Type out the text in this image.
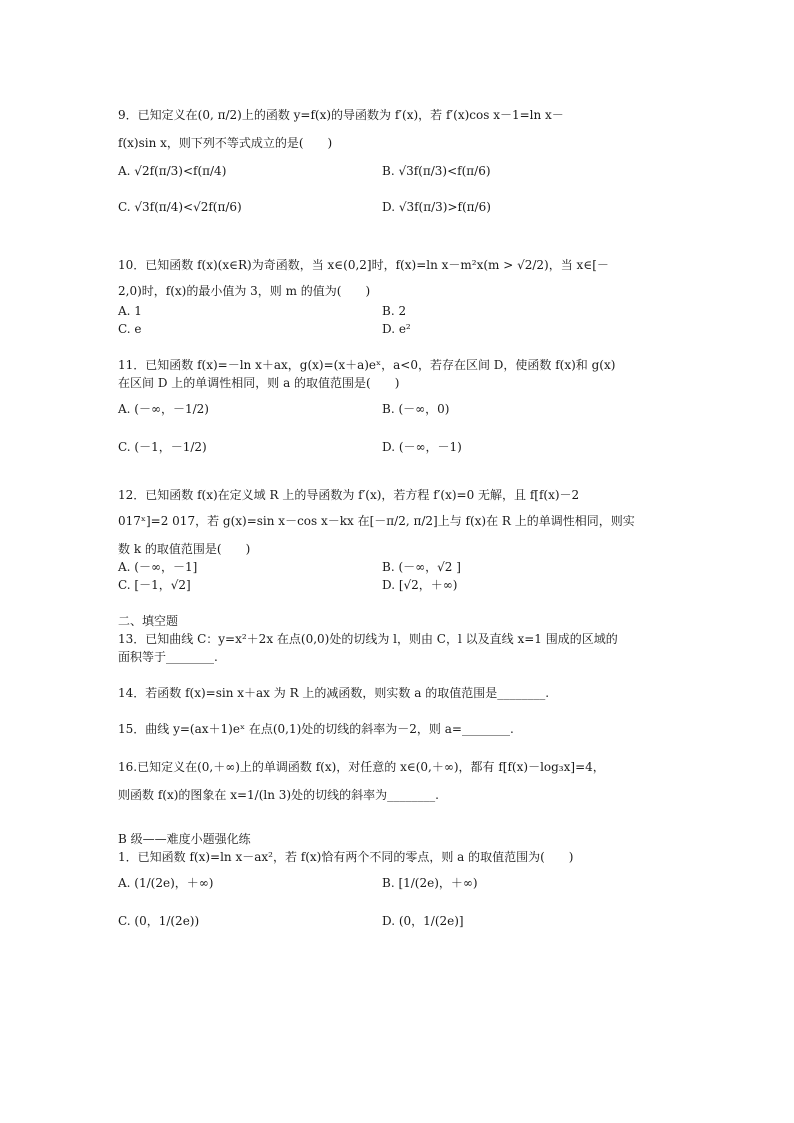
9．已知定义在(0, π/2)上的函数 y=f(x)的导函数为 f′(x)，若 f′(x)cos x－1=ln x－
f(x)sin x，则下列不等式成立的是(　　)
A. √2f(π/3)<f(π/4)	B. √3f(π/3)<f(π/6)
C. √3f(π/4)<√2f(π/6)	D. √3f(π/3)>f(π/6)
10．已知函数 f(x)(x∈R)为奇函数，当 x∈(0,2]时，f(x)=ln x－m²x(m > √2/2)，当 x∈[－
2,0)时，f(x)的最小值为 3，则 m 的值为(　　)
A. 1	B. 2
C. e	D. e²
11．已知函数 f(x)=－ln x＋ax，g(x)=(x＋a)eˣ，a<0，若存在区间 D，使函数 f(x)和 g(x)
在区间 D 上的单调性相同，则 a 的取值范围是(　　)
A. (－∞，－1/2)	B. (－∞，0)
C. (－1，－1/2)	D. (－∞，－1)
12．已知函数 f(x)在定义域 R 上的导函数为 f′(x)，若方程 f′(x)=0 无解，且 f[f(x)－2
017ˣ]=2 017，若 g(x)=sin x－cos x－kx 在[－π/2, π/2]上与 f(x)在 R 上的单调性相同，则实
数 k 的取值范围是(　　)
A. (－∞，－1]	B. (－∞，√2 ]
C. [－1，√2]	D. [√2，＋∞)
二、填空题
13．已知曲线 C：y=x²＋2x 在点(0,0)处的切线为 l，则由 C，l 以及直线 x=1 围成的区域的
面积等于________.
14．若函数 f(x)=sin x＋ax 为 R 上的减函数，则实数 a 的取值范围是________.
15．曲线 y=(ax＋1)eˣ 在点(0,1)处的切线的斜率为－2，则 a=________.
16.已知定义在(0,＋∞)上的单调函数 f(x)，对任意的 x∈(0,＋∞)，都有 f[f(x)－log₃x]=4，
则函数 f(x)的图象在 x=1/(ln 3)处的切线的斜率为________.
B 级——难度小题强化练
1．已知函数 f(x)=ln x－ax²，若 f(x)恰有两个不同的零点，则 a 的取值范围为(　　)
A. (1/(2e)，＋∞)	B. [1/(2e)，＋∞)
C. (0，1/(2e))	D. (0，1/(2e)]
